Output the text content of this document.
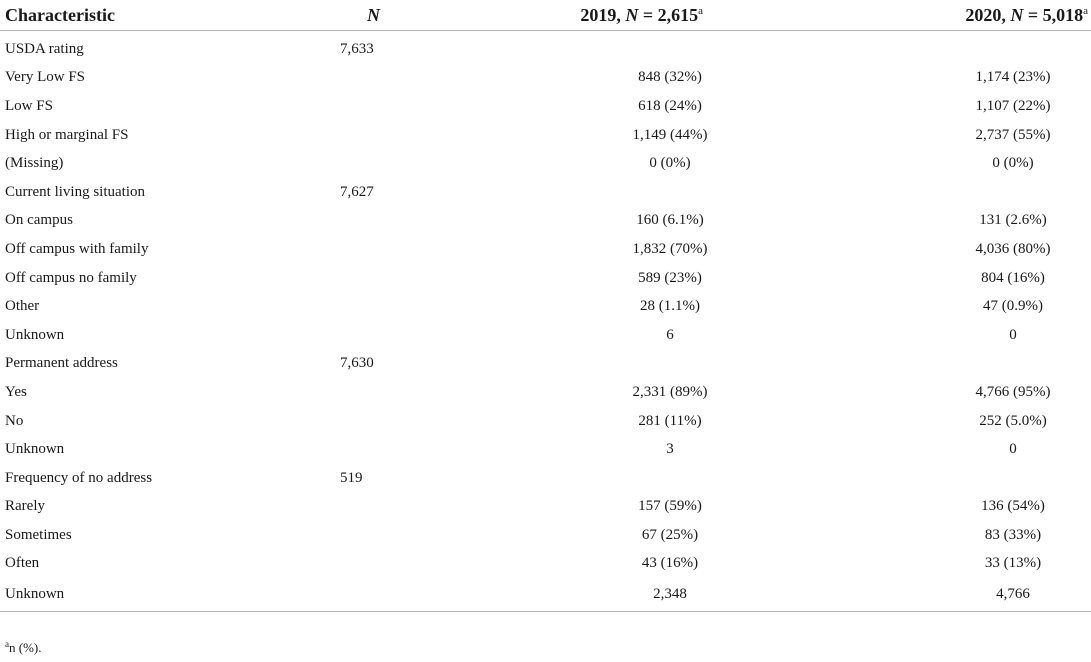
Characteristic	N	2019, N = 2,615$^a$	2020, N = 5,018$^a$
USDA rating	7,633		
Very Low FS		848 (32%)	1,174 (23%)
Low FS		618 (24%)	1,107 (22%)
High or marginal FS		1,149 (44%)	2,737 (55%)
(Missing)		0 (0%)	0 (0%)
Current living situation	7,627		
On campus		160 (6.1%)	131 (2.6%)
Off campus with family		1,832 (70%)	4,036 (80%)
Off campus no family		589 (23%)	804 (16%)
Other		28 (1.1%)	47 (0.9%)
Unknown		6	0
Permanent address	7,630		
Yes		2,331 (89%)	4,766 (95%)
No		281 (11%)	252 (5.0%)
Unknown		3	0
Frequency of no address	519		
Rarely		157 (59%)	136 (54%)
Sometimes		67 (25%)	83 (33%)
Often		43 (16%)	33 (13%)
Unknown		2,348	4,766
$^a$n (%).
